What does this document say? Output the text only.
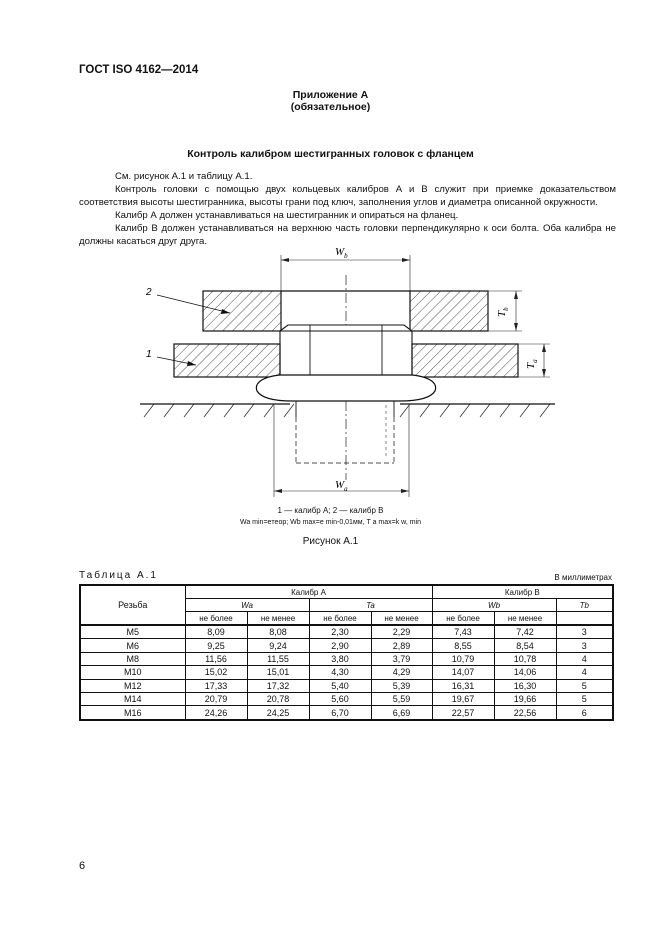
ГОСТ ISO 4162—2014
Приложение А
(обязательное)
Контроль калибром шестигранных головок с фланцем

См. рисунок А.1 и таблицу А.1.

Контроль головки с помощью двух кольцевых калибров А и В служит при приемке доказательством соответствия высоты шестигранника, высоты грани под ключ, заполнения углов и диаметра описанной окружности.

Калибр А должен устанавливаться на шестигранник и опираться на фланец.

Калибр В должен устанавливаться на верхнюю часть головки перпендикулярно к оси болта. Оба калибра не должны касаться друг друга.

$W_b$
$T_b$
$T_a$
$W_a$
2
1
1 — калибр А; 2 — калибр В
Wa min=eтеор; Wb max=e min-0,01мм, T a max=k w, min
Рисунок А.1
Таблица А.1	В миллиметрах
Резьба	Калибр А				Калибр В		
	Wa		Ta		Wb		Tb
	не более	не менее	не более	не менее	не более	не менее	
M5	8,09	8,08	2,30	2,29	7,43	7,42	3
M6	9,25	9,24	2,90	2,89	8,55	8,54	3
M8	11,56	11,55	3,80	3,79	10,79	10,78	4
M10	15,02	15,01	4,30	4,29	14,07	14,06	4
M12	17,33	17,32	5,40	5,39	16,31	16,30	5
M14	20,79	20,78	5,60	5,59	19,67	19,66	5
M16	24,26	24,25	6,70	6,69	22,57	22,56	6
6
